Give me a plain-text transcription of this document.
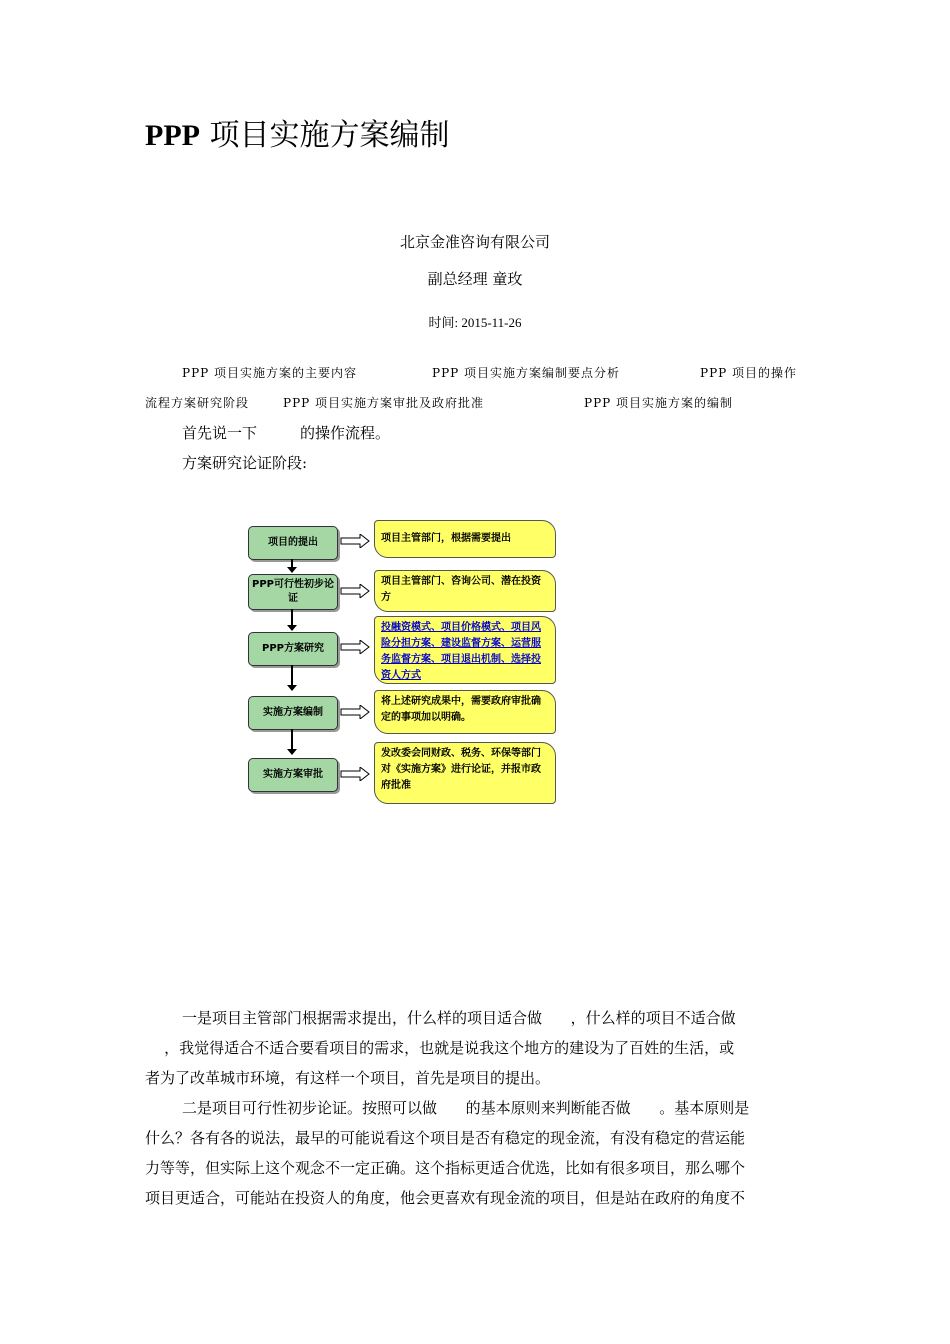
PPP 项目实施方案编制
北京金准咨询有限公司
副总经理 童玫
时间: 2015-11-26
PPP 项目实施方案的主要内容	PPP 项目实施方案编制要点分析	PPP 项目的操作
流程方案研究阶段	PPP 项目实施方案审批及政府批准	PPP 项目实施方案的编制
首先说一下	的操作流程。
方案研究论证阶段:
项目的提出	项目主管部门，根据需要提出
PPP可行性初步论证
项目主管部门、咨询公司、潜在投资方
PPP方案研究
投融资模式、项目价格模式、项目风险分担方案、建设监督方案、运营服务监督方案、项目退出机制、选择投资人方式
实施方案编制
将上述研究成果中，需要政府审批确定的事项加以明确。
实施方案审批
发改委会同财政、税务、环保等部门对《实施方案》进行论证，并报市政府批准
一是项目主管部门根据需求提出，什么样的项目适合做      ，什么样的项目不适合做
，我觉得适合不适合要看项目的需求，也就是说我这个地方的建设为了百姓的生活，或
者为了改革城市环境，有这样一个项目，首先是项目的提出。
二是项目可行性初步论证。按照可以做      的基本原则来判断能否做      。基本原则是
什么？各有各的说法，最早的可能说看这个项目是否有稳定的现金流，有没有稳定的营运能
力等等，但实际上这个观念不一定正确。这个指标更适合优选，比如有很多项目，那么哪个
项目更适合，可能站在投资人的角度，他会更喜欢有现金流的项目，但是站在政府的角度不
